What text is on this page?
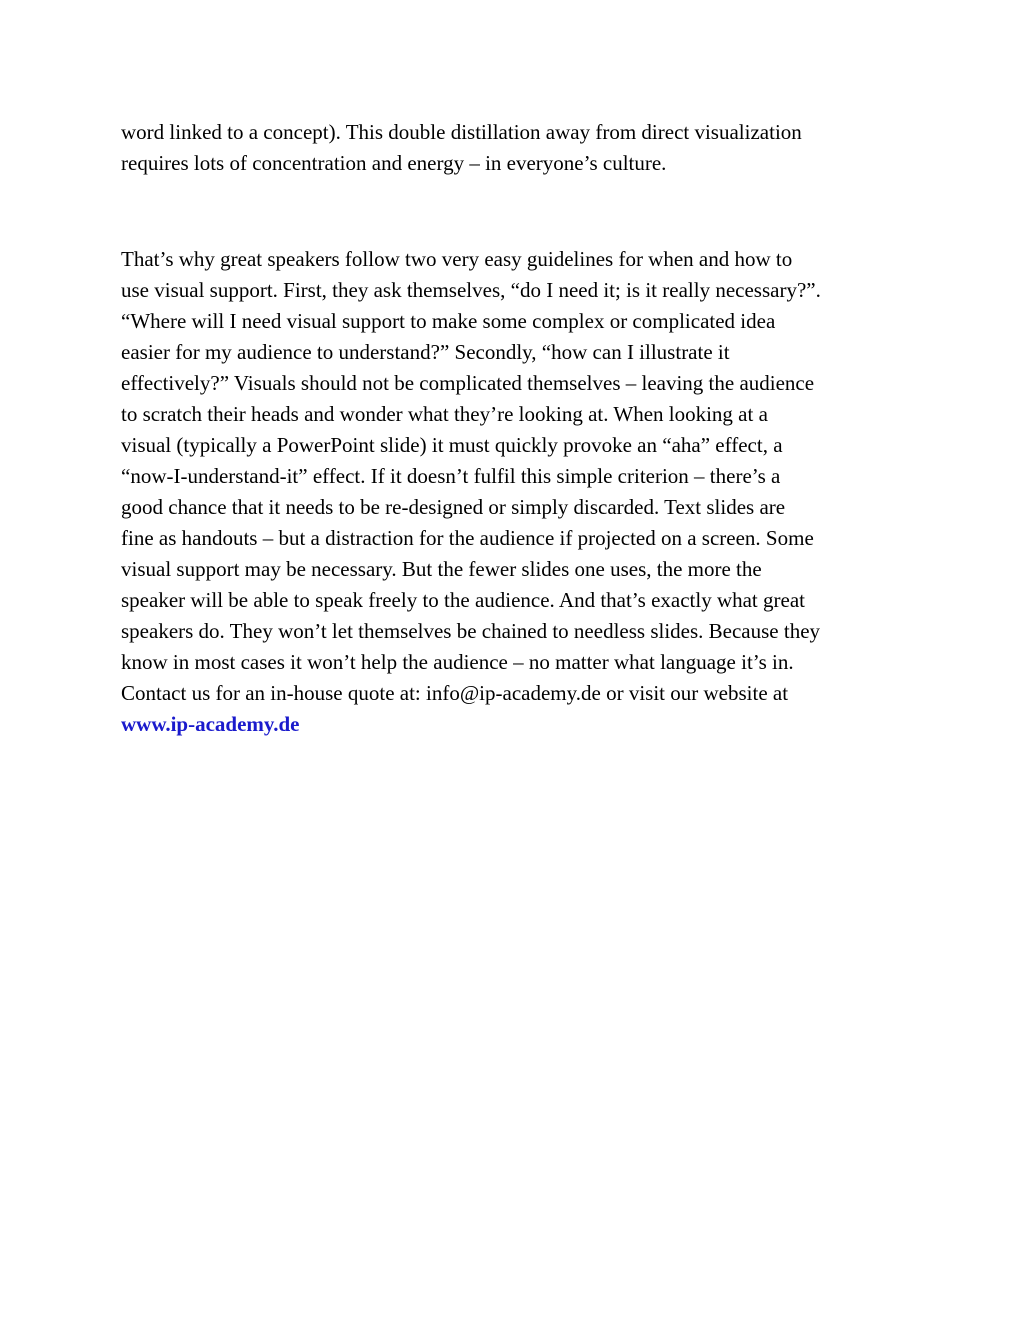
word linked to a concept). This double distillation away from direct visualization
requires lots of concentration and energy – in everyone’s culture.
That’s why great speakers follow two very easy guidelines for when and how to
use visual support. First, they ask themselves, “do I need it; is it really necessary?”.
“Where will I need visual support to make some complex or complicated idea
easier for my audience to understand?” Secondly, “how can I illustrate it
effectively?” Visuals should not be complicated themselves – leaving the audience
to scratch their heads and wonder what they’re looking at. When looking at a
visual (typically a PowerPoint slide) it must quickly provoke an “aha” effect, a
“now-I-understand-it” effect. If it doesn’t fulfil this simple criterion – there’s a
good chance that it needs to be re-designed or simply discarded. Text slides are
fine as handouts – but a distraction for the audience if projected on a screen. Some
visual support may be necessary. But the fewer slides one uses, the more the
speaker will be able to speak freely to the audience. And that’s exactly what great
speakers do. They won’t let themselves be chained to needless slides. Because they
know in most cases it won’t help the audience – no matter what language it’s in.
Contact us for an in-house quote at: info@ip-academy.de or visit our website at
www.ip-academy.de
